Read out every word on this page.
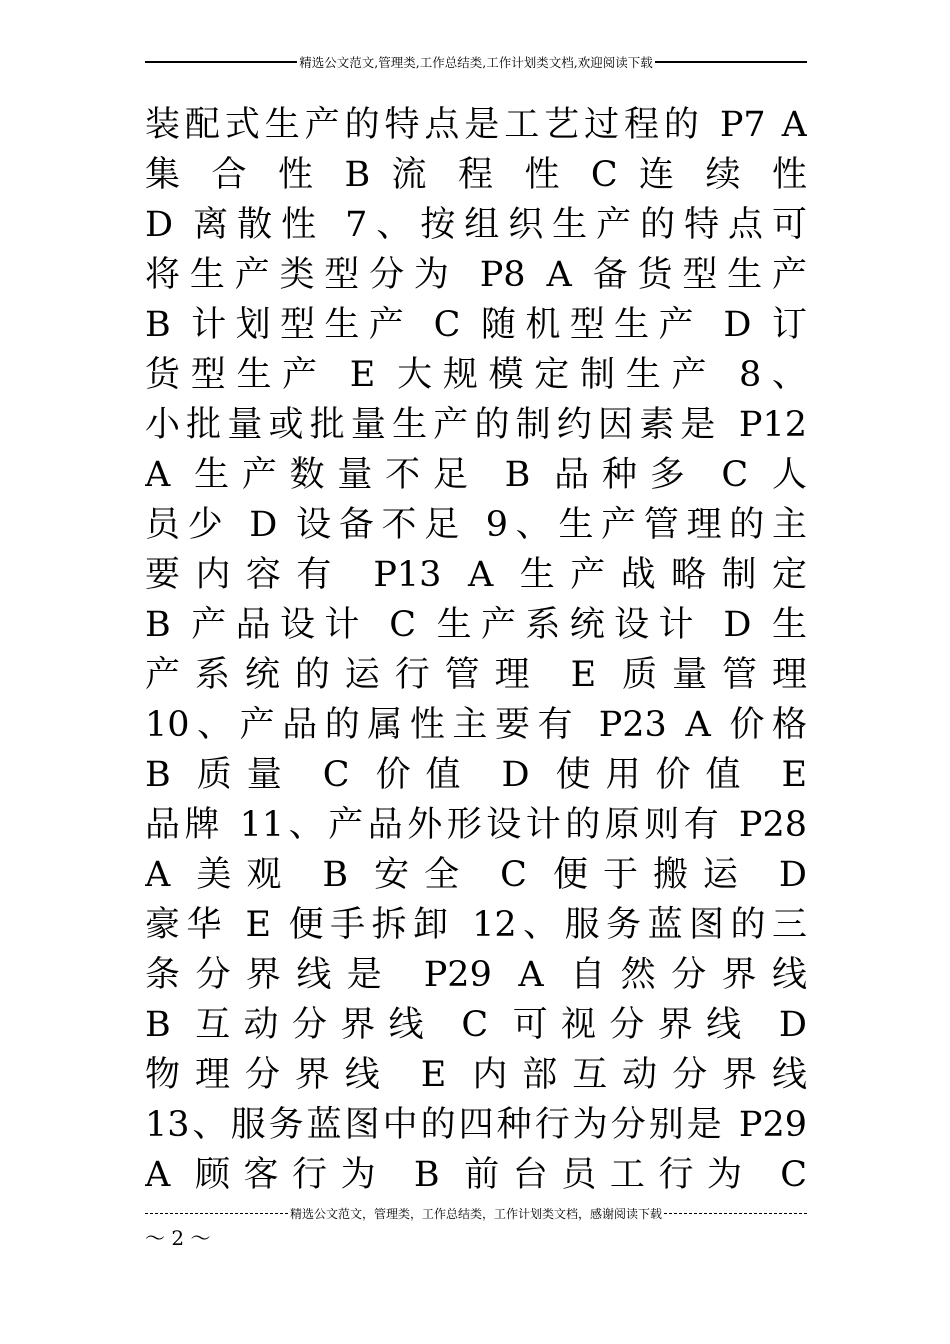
精选公文范文,管理类,工作总结类,工作计划类文档,欢迎阅读下载
装配式生产的特点是工艺过程的 P7 A
集 合 性 B 流 程 性 C 连 续 性
D 离散性 7、按组织生产的特点可
将生产类型分为 P8 A 备货型生产
B 计划型生产 C 随机型生产 D 订
货型生产 E 大规模定制生产 8、
小批量或批量生产的制约因素是 P12
A 生产数量不足 B 品种多 C 人
员少 D 设备不足 9、生产管理的主
要内容有 P13 A 生产战略制定
B 产品设计 C 生产系统设计 D 生
产系统的运行管理 E 质量管理
10、产品的属性主要有 P23 A 价格
B 质量 C 价值 D 使用价值 E
品牌 11、产品外形设计的原则有 P28
A 美观 B 安全 C 便于搬运 D
豪华 E 便手拆卸 12、服务蓝图的三
条分界线是 P29 A 自然分界线
B 互动分界线 C 可视分界线 D
物理分界线 E 内部互动分界线
13、服务蓝图中的四种行为分别是 P29
A 顾客行为 B 前台员工行为 C
精选公文范文，管理类，工作总结类，工作计划类文档，感谢阅读下载
～ 2 ～
